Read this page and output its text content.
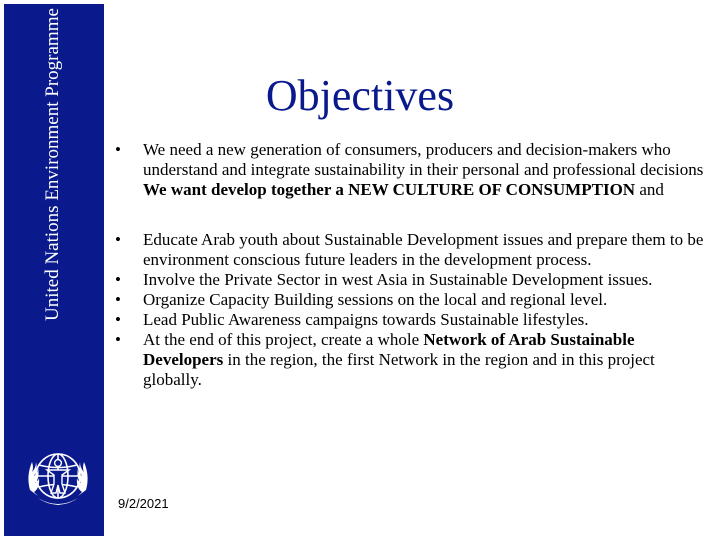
United Nations Environment Programme	Objectives
• We need a new generation of consumers, producers and decision-makers who understand and integrate sustainability in their personal and professional decisions We want develop together a NEW CULTURE OF CONSUMPTION and
• Educate Arab youth about Sustainable Development issues and prepare them to be environment conscious future leaders in the development process.
• Involve the Private Sector in west Asia in Sustainable Development issues.
• Organize Capacity Building sessions on the local and regional level.
• Lead Public Awareness campaigns towards Sustainable lifestyles.
• At the end of this project, create a whole Network of Arab Sustainable Developers in the region, the first Network in the region and in this project globally.
9/2/2021
